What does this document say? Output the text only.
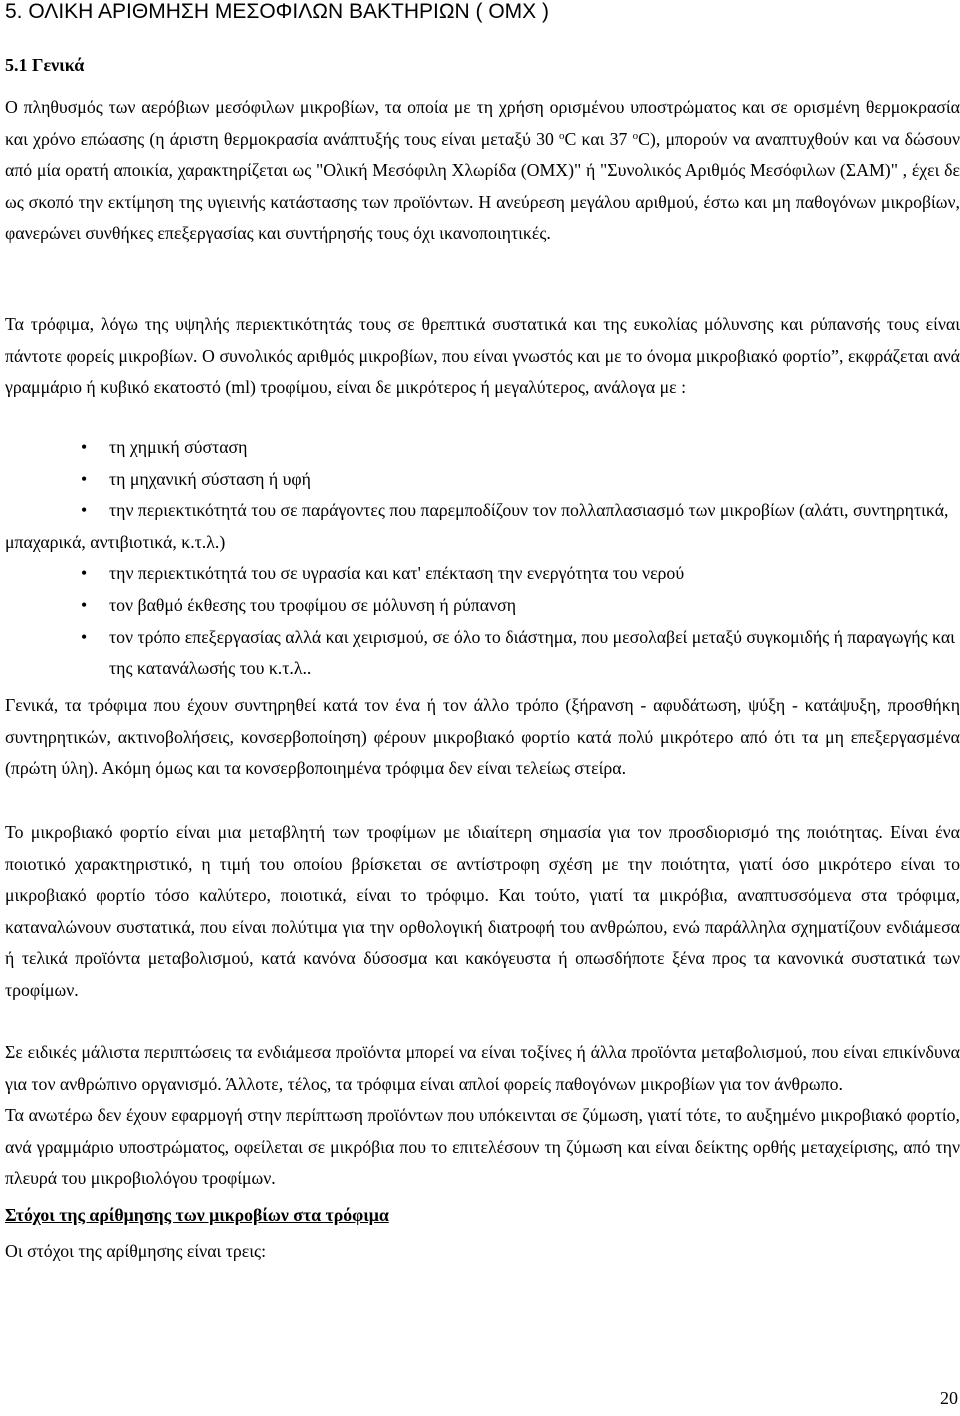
5. ΟΛΙΚΗ ΑΡΙΘΜΗΣΗ ΜΕΣΟΦΙΛΩΝ ΒΑΚΤΗΡΙΩΝ ( ΟΜΧ )
5.1 Γενικά

Ο πληθυσμός των αερόβιων μεσόφιλων μικροβίων, τα οποία με τη χρήση ορισμένου υποστρώματος και σε ορισμένη θερμοκρασία και χρόνο επώασης (η άριστη θερμοκρασία ανάπτυξής τους είναι μεταξύ 30 $^o$C και 37 $^o$C), μπορούν να αναπτυχθούν και να δώσουν από μία ορατή αποικία, χαρακτηρίζεται ως "Ολική Μεσόφιλη Χλωρίδα (ΟΜΧ)" ή "Συνολικός Αριθμός Μεσόφιλων (ΣΑΜ)" , έχει δε ως σκοπό την εκτίμηση της υγιεινής κατάστασης των προϊόντων. Η ανεύρεση μεγάλου αριθμού, έστω και μη παθογόνων μικροβίων, φανερώνει συνθήκες επεξεργασίας και συντήρησής τους όχι ικανοποιητικές.

Τα τρόφιμα, λόγω της υψηλής περιεκτικότητάς τους σε θρεπτικά συστατικά και της ευκολίας μόλυνσης και ρύπανσής τους είναι πάντοτε φορείς μικροβίων. Ο συνολικός αριθμός μικροβίων, που είναι γνωστός και με το όνομα μικροβιακό φορτίο”, εκφράζεται ανά γραμμάριο ή κυβικό εκατοστό (ml) τροφίμου, είναι δε μικρότερος ή μεγαλύτερος, ανάλογα με :

• τη χημική σύσταση
• τη μηχανική σύσταση ή υφή
• την περιεκτικότητά του σε παράγοντες που παρεμποδίζουν τον πολλαπλασιασμό των μικροβίων (αλάτι, συντηρητικά, μπαχαρικά, αντιβιοτικά, κ.τ.λ.)
• την περιεκτικότητά του σε υγρασία και κατ' επέκταση την ενεργότητα του νερού
• τον βαθμό έκθεσης του τροφίμου σε μόλυνση ή ρύπανση
• τον τρόπο επεξεργασίας αλλά και χειρισμού, σε όλο το διάστημα, που μεσολαβεί μεταξύ συγκομιδής ή παραγωγής και της κατανάλωσής του κ.τ.λ..

Γενικά, τα τρόφιμα που έχουν συντηρηθεί κατά τον ένα ή τον άλλο τρόπο (ξήρανση - αφυδάτωση, ψύξη - κατάψυξη, προσθήκη συντηρητικών, ακτινοβολήσεις, κονσερβοποίηση) φέρουν μικροβιακό φορτίο κατά πολύ μικρότερο από ότι τα μη επεξεργασμένα (πρώτη ύλη). Ακόμη όμως και τα κονσερβοποιημένα τρόφιμα δεν είναι τελείως στείρα.

Το μικροβιακό φορτίο είναι μια μεταβλητή των τροφίμων με ιδιαίτερη σημασία για τον προσδιορισμό της ποιότητας. Είναι ένα ποιοτικό χαρακτηριστικό, η τιμή του οποίου βρίσκεται σε αντίστροφη σχέση με την ποιότητα, γιατί όσο μικρότερο είναι το μικροβιακό φορτίο τόσο καλύτερο, ποιοτικά, είναι το τρόφιμο. Και τούτο, γιατί τα μικρόβια, αναπτυσσόμενα στα τρόφιμα, καταναλώνουν συστατικά, που είναι πολύτιμα για την ορθολογική διατροφή του ανθρώπου, ενώ παράλληλα σχηματίζουν ενδιάμεσα ή τελικά προϊόντα μεταβολισμού, κατά κανόνα δύσοσμα και κακόγευστα ή οπωσδήποτε ξένα προς τα κανονικά συστατικά των τροφίμων.

Σε ειδικές μάλιστα περιπτώσεις τα ενδιάμεσα προϊόντα μπορεί να είναι τοξίνες ή άλλα προϊόντα μεταβολισμού, που είναι επικίνδυνα για τον ανθρώπινο οργανισμό. Άλλοτε, τέλος, τα τρόφιμα είναι απλοί φορείς παθογόνων μικροβίων για τον άνθρωπο.

Τα ανωτέρω δεν έχουν εφαρμογή στην περίπτωση προϊόντων που υπόκεινται σε ζύμωση, γιατί τότε, το αυξημένο μικροβιακό φορτίο, ανά γραμμάριο υποστρώματος, οφείλεται σε μικρόβια που το επιτελέσουν τη ζύμωση και είναι δείκτης ορθής μεταχείρισης, από την πλευρά του μικροβιολόγου τροφίμων.

Στόχοι της αρίθμησης των μικροβίων στα τρόφιμα
Οι στόχοι της αρίθμησης είναι τρεις:
20
